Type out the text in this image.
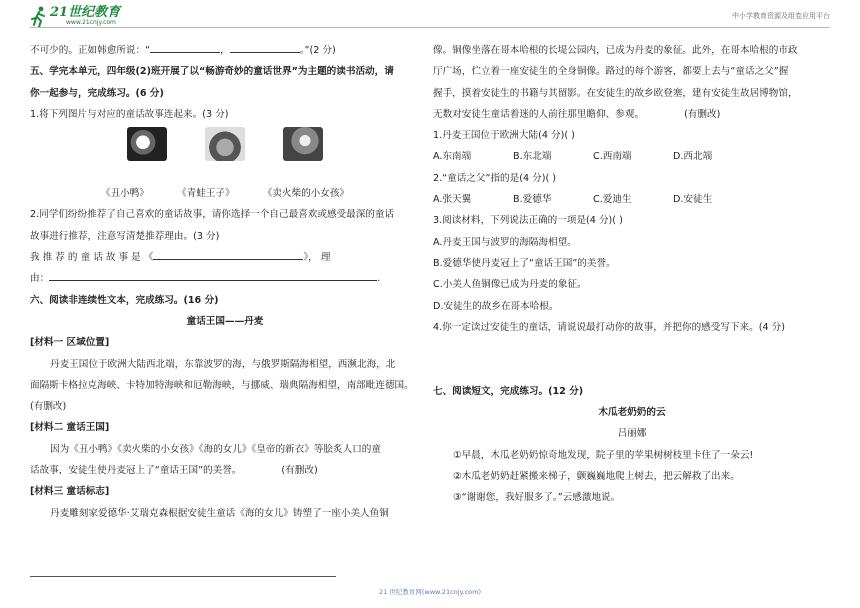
21世纪教育
www.21cnjy.com
中小学教育资源及组卷应用平台
不可少的。正如韩愈所说：“	，	。”(2 分)
五、学完本单元，四年级(2)班开展了以“畅游奇妙的童话世界”为主题的读书活动，请
你一起参与，完成练习。(6 分)
1.将下列图片与对应的童话故事连起来。(3 分)
《丑小鸭》	《青蛙王子》	《卖火柴的小女孩》
2.同学们纷纷推荐了自己喜欢的童话故事，请你选择一个自己最喜欢或感受最深的童话
故事进行推荐，注意写清楚推荐理由。(3 分)
我 推 荐 的 童 话 故 事 是 《	》， 理
由：	.
六、阅读非连续性文本，完成练习。(16 分)
童话王国——丹麦
[材料一 区域位置]
丹麦王国位于欧洲大陆西北端，东靠波罗的海，与俄罗斯隔海相望，西濒北海，北
面隔斯卡格拉克海峡、卡特加特海峡和厄勒海峡，与挪威、瑞典隔海相望，南部毗连德国。
(有删改)
[材料二 童话王国]
因为《丑小鸭》《卖火柴的小女孩》《海的女儿》《皇帝的新衣》等脍炙人口的童
话故事，安徒生使丹麦冠上了“童话王国”的美誉。	(有删改)
[材料三 童话标志]
丹麦雕刻家爱德华·艾瑞克森根据安徒生童话《海的女儿》铸塑了一座小美人鱼铜
像。铜像坐落在哥本哈根的长堤公园内，已成为丹麦的象征。此外，在哥本哈根的市政
厅广场，伫立着一座安徒生的全身铜像。路过的每个游客，都要上去与“童话之父”握
握手，摸着安徒生的书籍与其留影。在安徒生的故乡欧登塞，建有安徒生故居博物馆，
无数对安徒生童话着迷的人前往那里瞻仰、参观。	(有删改)
1.丹麦王国位于欧洲大陆(4 分)( )
A.东南端	B.东北端	C.西南端	D.西北端
2.“童话之父”指的是(4 分)( )
A.张天翼	B.爱德华	C.爱迪生	D.安徒生
3.阅读材料，下列说法正确的一项是(4 分)( )
A.丹麦王国与波罗的海隔海相望。
B.爱德华使丹麦冠上了“童话王国”的美誉。
C.小美人鱼铜像已成为丹麦的象征。
D.安徒生的故乡在哥本哈根。
4.你一定读过安徒生的童话，请说说最打动你的故事，并把你的感受写下来。(4 分)
七、阅读短文，完成练习。(12 分)
木瓜老奶奶的云
吕丽娜
①早晨，木瓜老奶奶惊奇地发现，院子里的苹果树树枝里卡住了一朵云!
②木瓜老奶奶赶紧搬来梯子，颤巍巍地爬上树去，把云解救了出来。
③“谢谢您，我好服多了。”云感激地说。
21 世纪教育网(www.21cnjy.com)
